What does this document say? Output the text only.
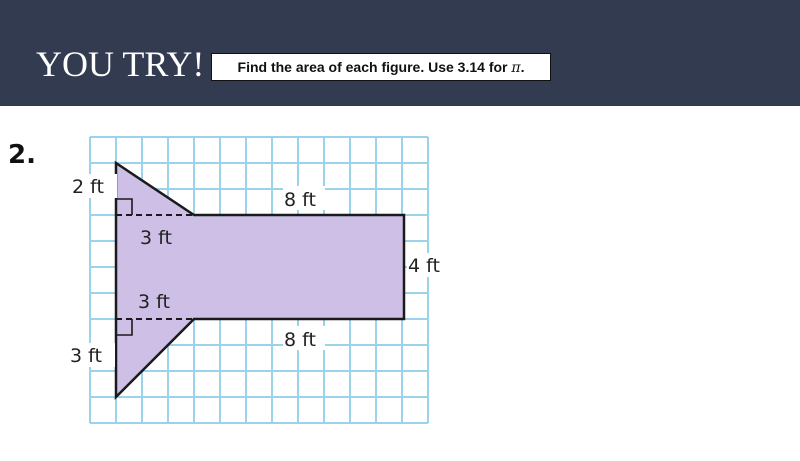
YOU TRY!	Find the area of each figure. Use 3.14 for π.
2.
2 ft
8 ft
3 ft
4 ft
3 ft
8 ft
3 ft
